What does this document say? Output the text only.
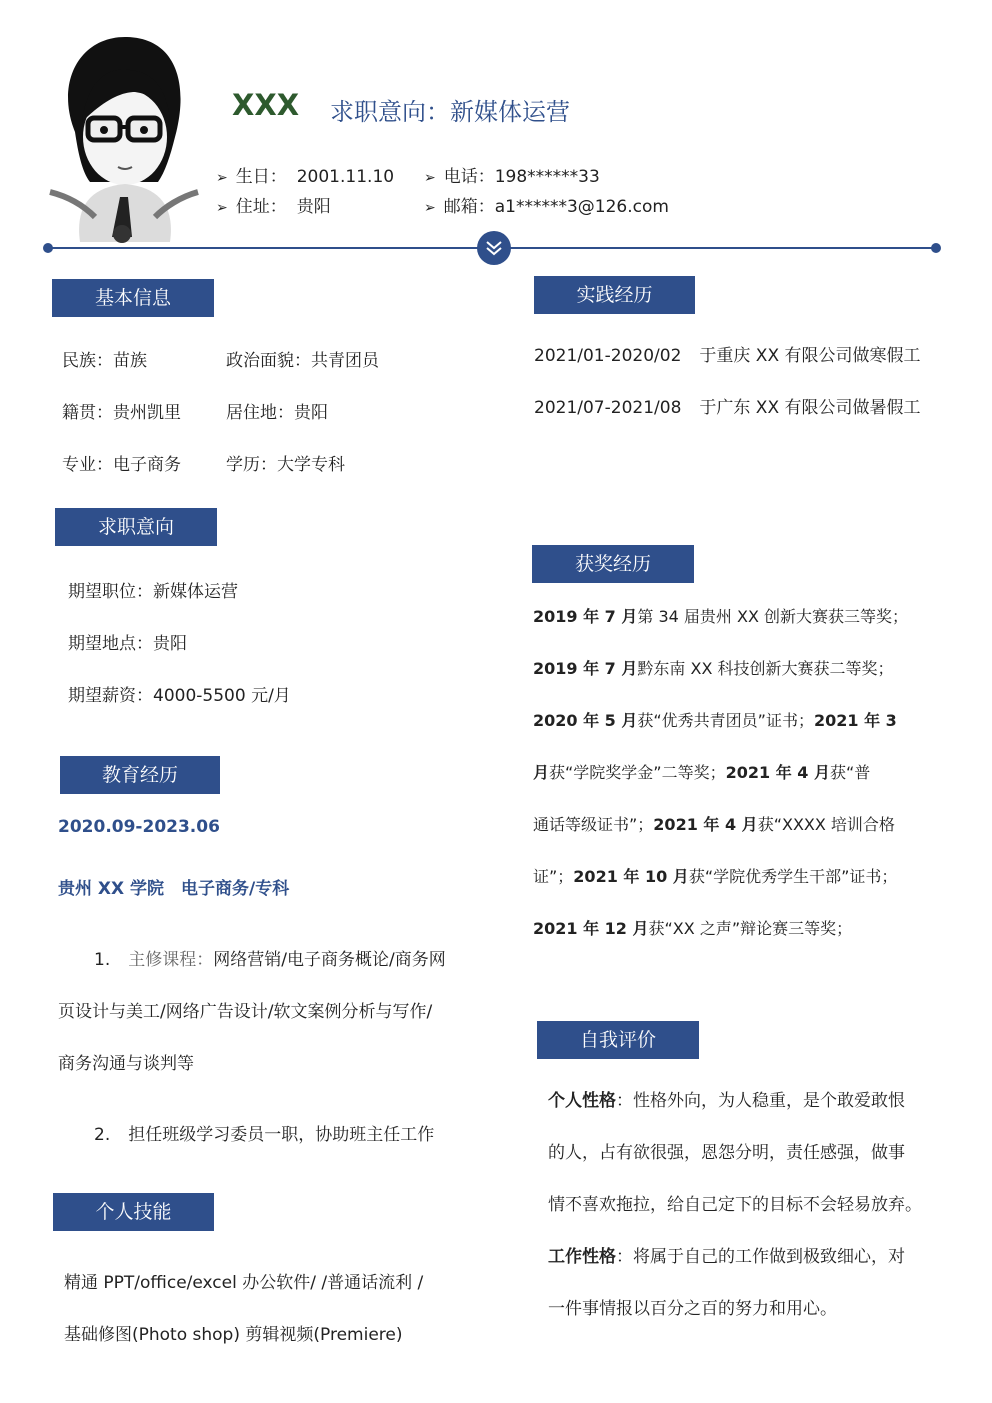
XXX 求职意向：新媒体运营
➢ 生日： 2001.11.10 ➢ 电话：198******33
➢ 住址： 贵阳	➢ 邮箱：a1******3@126.com
基本信息
民族：苗族	政治面貌：共青团员
籍贯：贵州凯里	居住地：贵阳
专业：电子商务	学历：大学专科
求职意向
期望职位：新媒体运营
期望地点：贵阳
期望薪资：4000-5500 元/月
教育经历
2020.09-2023.06
贵州 XX 学院　电子商务/专科
1. 主修课程：网络营销/电子商务概论/商务网
页设计与美工/网络广告设计/软文案例分析与写作/
商务沟通与谈判等
2. 担任班级学习委员一职，协助班主任工作
个人技能
精通 PPT/office/excel 办公软件/ /普通话流利 /
基础修图(Photo shop) 剪辑视频(Premiere)
实践经历
2021/01-2020/02 于重庆 XX 有限公司做寒假工
2021/07-2021/08 于广东 XX 有限公司做暑假工
获奖经历
2019 年 7 月第 34 届贵州 XX 创新大赛获三等奖；
2019 年 7 月黔东南 XX 科技创新大赛获二等奖；
2020 年 5 月获“优秀共青团员”证书；2021 年 3
月获“学院奖学金”二等奖；2021 年 4 月获“普
通话等级证书”；2021 年 4 月获“XXXX 培训合格
证”；2021 年 10 月获“学院优秀学生干部”证书；
2021 年 12 月获“XX 之声”辩论赛三等奖；
自我评价
个人性格：性格外向，为人稳重，是个敢爱敢恨
的人，占有欲很强，恩怨分明，责任感强，做事
情不喜欢拖拉，给自己定下的目标不会轻易放弃。
工作性格：将属于自己的工作做到极致细心，对
一件事情报以百分之百的努力和用心。
